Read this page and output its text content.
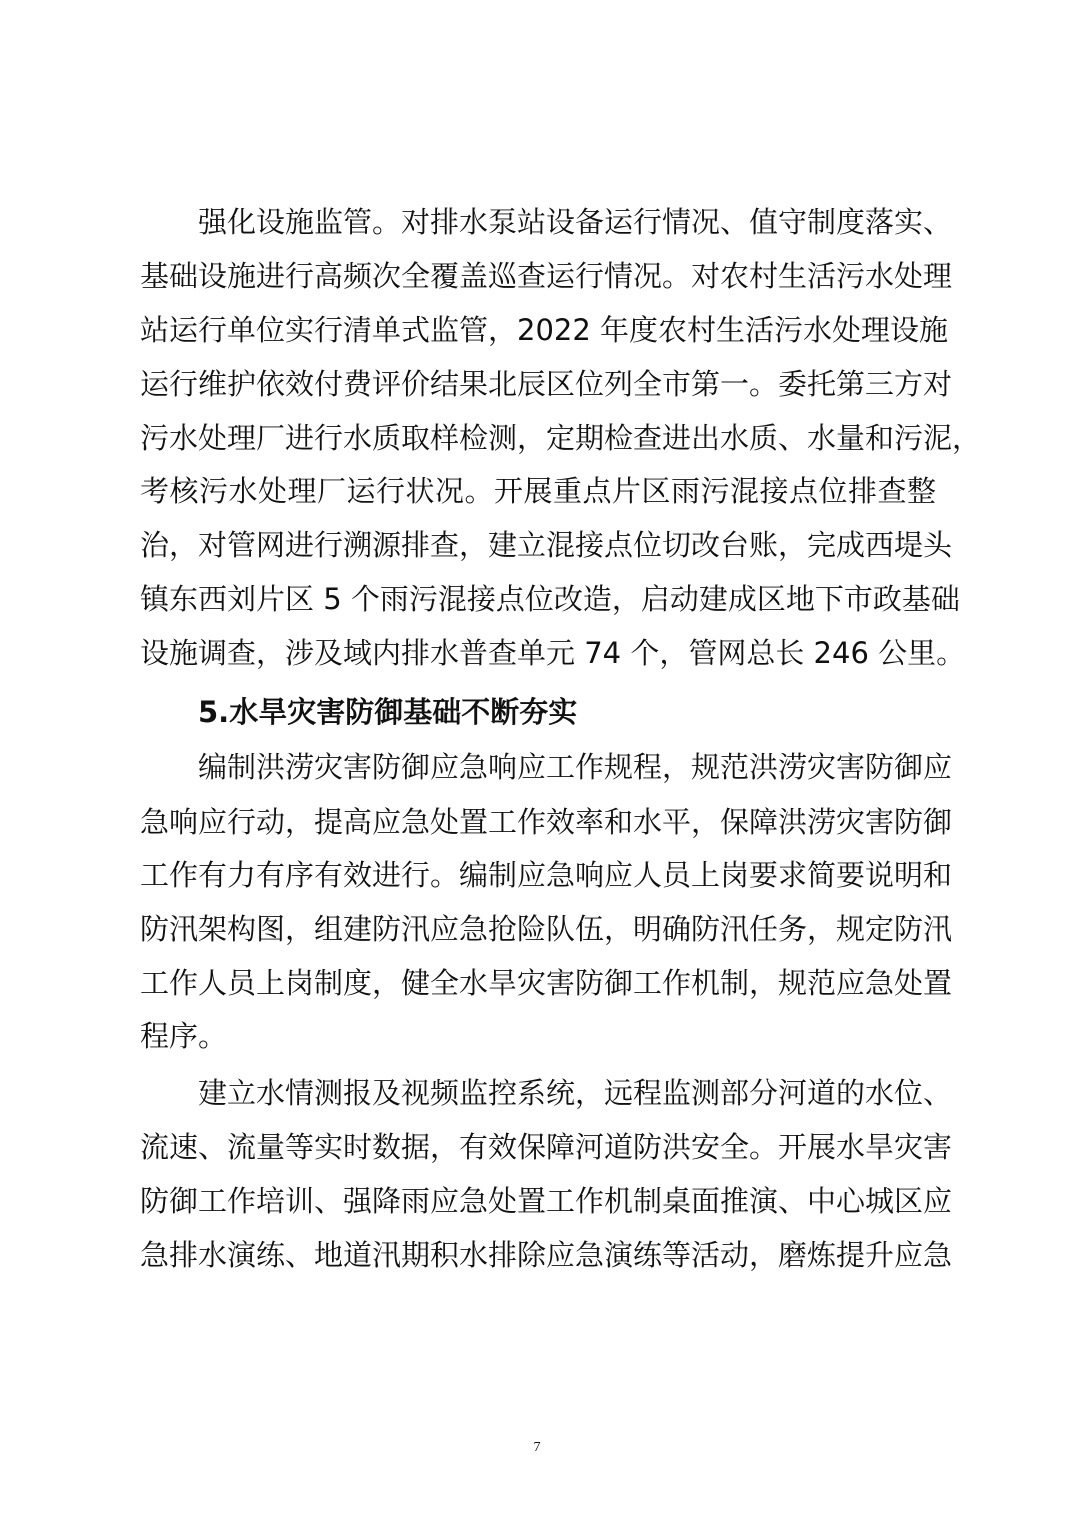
强化设施监管。对排水泵站设备运行情况、值守制度落实、
基础设施进行高频次全覆盖巡查运行情况。对农村生活污水处理
站运行单位实行清单式监管，2022 年度农村生活污水处理设施
运行维护依效付费评价结果北辰区位列全市第一。委托第三方对
污水处理厂进行水质取样检测，定期检查进出水质、水量和污泥，
考核污水处理厂运行状况。开展重点片区雨污混接点位排查整
治，对管网进行溯源排查，建立混接点位切改台账，完成西堤头
镇东西刘片区 5 个雨污混接点位改造，启动建成区地下市政基础
设施调查，涉及域内排水普查单元 74 个，管网总长 246 公里。
5.水旱灾害防御基础不断夯实
编制洪涝灾害防御应急响应工作规程，规范洪涝灾害防御应
急响应行动，提高应急处置工作效率和水平，保障洪涝灾害防御
工作有力有序有效进行。编制应急响应人员上岗要求简要说明和
防汛架构图，组建防汛应急抢险队伍，明确防汛任务，规定防汛
工作人员上岗制度，健全水旱灾害防御工作机制，规范应急处置
程序。
建立水情测报及视频监控系统，远程监测部分河道的水位、
流速、流量等实时数据，有效保障河道防洪安全。开展水旱灾害
防御工作培训、强降雨应急处置工作机制桌面推演、中心城区应
急排水演练、地道汛期积水排除应急演练等活动，磨炼提升应急
7
